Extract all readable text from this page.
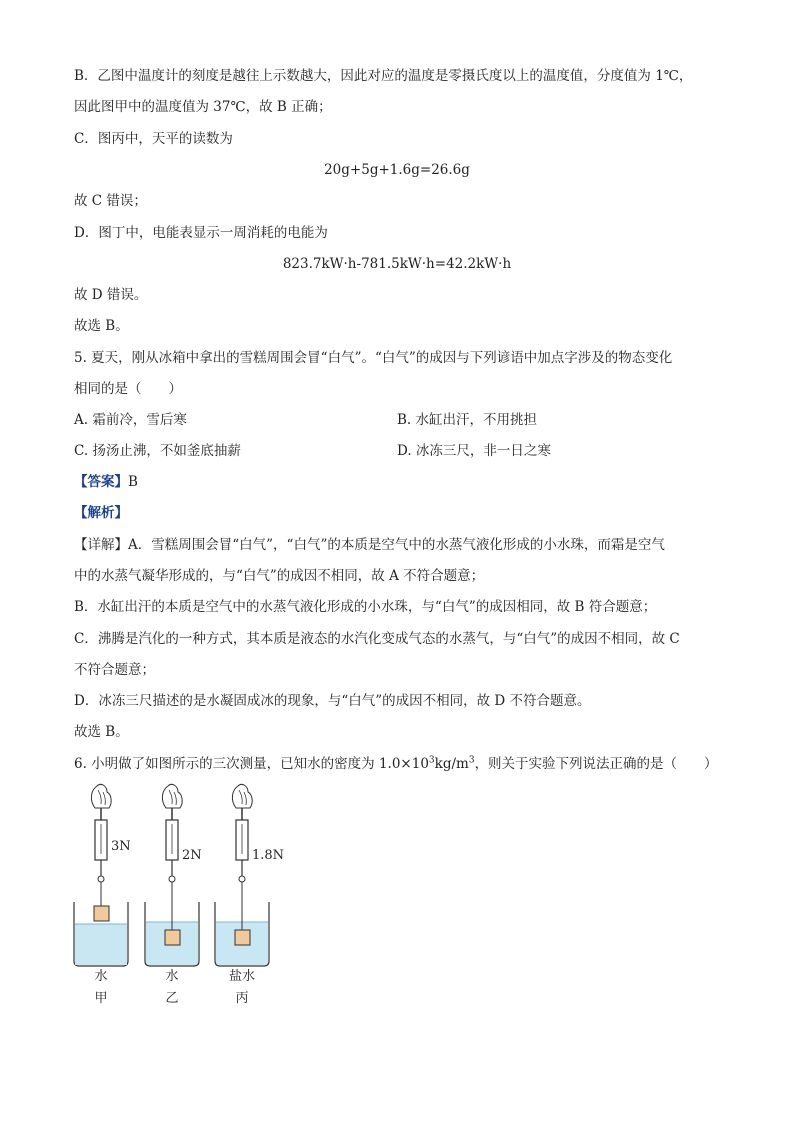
B．乙图中温度计的刻度是越往上示数越大，因此对应的温度是零摄氏度以上的温度值，分度值为 1℃，
因此图甲中的温度值为 37℃，故 B 正确；
C．图丙中，天平的读数为
20g+5g+1.6g=26.6g
故 C 错误；
D．图丁中，电能表显示一周消耗的电能为
823.7kW·h-781.5kW·h=42.2kW·h
故 D 错误。
故选 B。
5. 夏天，刚从冰箱中拿出的雪糕周围会冒“白气”。“白气”的成因与下列谚语中加点字涉及的物态变化
相同的是（　　）
A. 霜前冷，雪后寒	B. 水缸出汗，不用挑担
C. 扬汤止沸，不如釜底抽薪	D. 冰冻三尺，非一日之寒
【答案】B
【解析】
【详解】A．雪糕周围会冒“白气”，“白气”的本质是空气中的水蒸气液化形成的小水珠，而霜是空气
中的水蒸气凝华形成的，与“白气”的成因不相同，故 A 不符合题意；
B．水缸出汗的本质是空气中的水蒸气液化形成的小水珠，与“白气”的成因相同，故 B 符合题意；
C．沸腾是汽化的一种方式，其本质是液态的水汽化变成气态的水蒸气，与“白气”的成因不相同，故 C
不符合题意；
D．冰冻三尺描述的是水凝固成冰的现象，与“白气”的成因不相同，故 D 不符合题意。
故选 B。
6. 小明做了如图所示的三次测量，已知水的密度为 $1.0\times 10^3kg/m^3$，则关于实验下列说法正确的是（　　）
3N
2N	1.8N
水	水	盐水
甲	乙	丙
